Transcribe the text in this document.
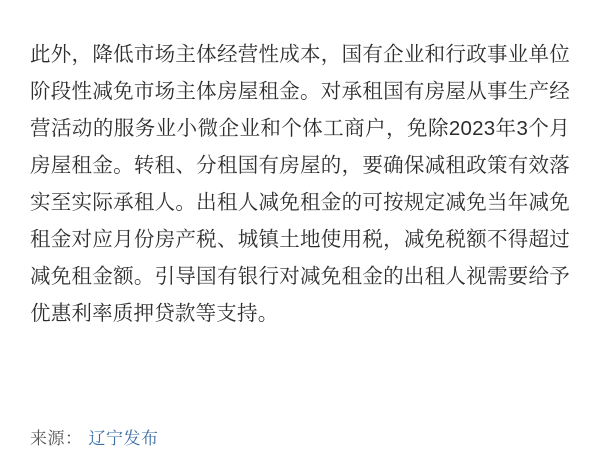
此外，降低市场主体经营性成本，国有企业和行政事业单位阶段性减免市场主体房屋租金。对承租国有房屋从事生产经营活动的服务业小微企业和个体工商户，免除2023年3个月房屋租金。转租、分租国有房屋的，要确保减租政策有效落实至实际承租人。出租人减免租金的可按规定减免当年减免租金对应月份房产税、城镇土地使用税，减免税额不得超过减免租金额。引导国有银行对减免租金的出租人视需要给予优惠利率质押贷款等支持。

来源： 辽宁发布
